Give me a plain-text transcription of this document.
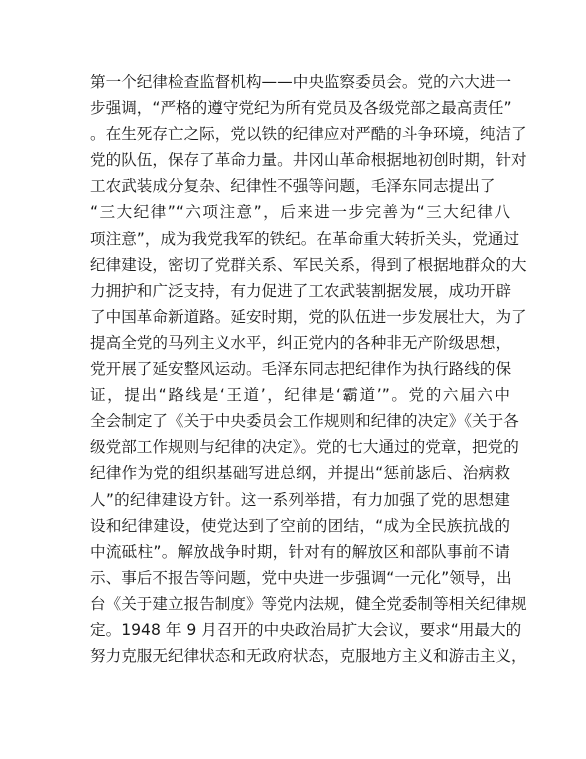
第一个纪律检查监督机构——中央监察委员会。党的六大进一
步强调，“严格的遵守党纪为所有党员及各级党部之最高责任”
。在生死存亡之际，党以铁的纪律应对严酷的斗争环境，纯洁了
党的队伍，保存了革命力量。井冈山革命根据地初创时期，针对
工农武装成分复杂、纪律性不强等问题，毛泽东同志提出了
“三大纪律”“六项注意”，后来进一步完善为“三大纪律八
项注意”，成为我党我军的铁纪。在革命重大转折关头，党通过
纪律建设，密切了党群关系、军民关系，得到了根据地群众的大
力拥护和广泛支持，有力促进了工农武装割据发展，成功开辟
了中国革命新道路。延安时期，党的队伍进一步发展壮大，为了
提高全党的马列主义水平，纠正党内的各种非无产阶级思想，
党开展了延安整风运动。毛泽东同志把纪律作为执行路线的保
证，提出“路线是‘王道’，纪律是‘霸道’”。党的六届六中
全会制定了《关于中央委员会工作规则和纪律的决定》《关于各
级党部工作规则与纪律的决定》。党的七大通过的党章，把党的
纪律作为党的组织基础写进总纲，并提出“惩前毖后、治病救
人”的纪律建设方针。这一系列举措，有力加强了党的思想建
设和纪律建设，使党达到了空前的团结，“成为全民族抗战的
中流砥柱”。解放战争时期，针对有的解放区和部队事前不请
示、事后不报告等问题，党中央进一步强调“一元化”领导，出
台《关于建立报告制度》等党内法规，健全党委制等相关纪律规
定。1948 年 9 月召开的中央政治局扩大会议，要求“用最大的
努力克服无纪律状态和无政府状态，克服地方主义和游击主义，
